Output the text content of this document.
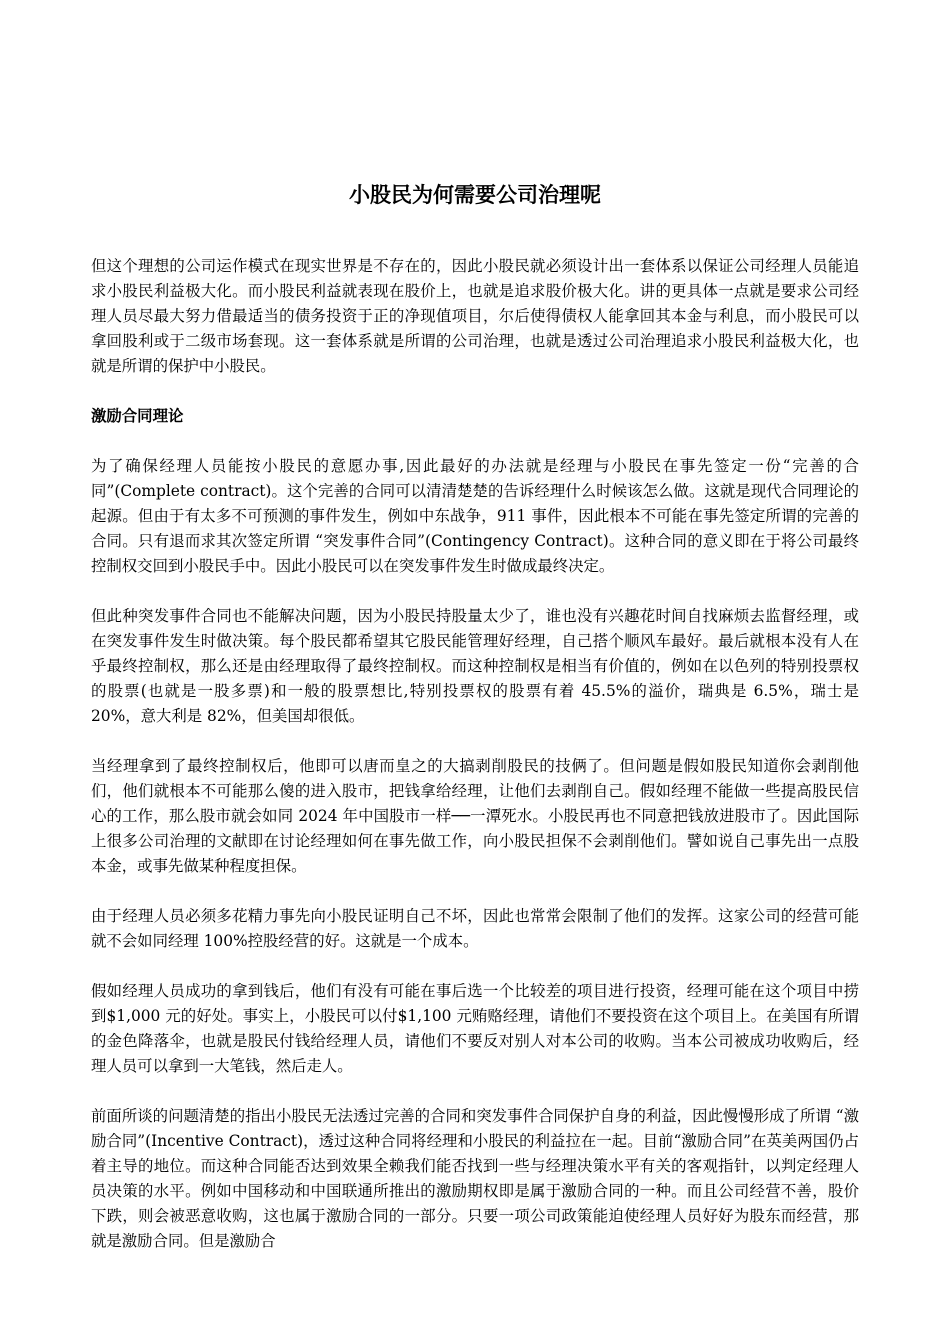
小股民为何需要公司治理呢

但这个理想的公司运作模式在现实世界是不存在的，因此小股民就必须设计出一套体系以保证公司经理人员能追求小股民利益极大化。而小股民利益就表现在股价上，也就是追求股价极大化。讲的更具体一点就是要求公司经理人员尽最大努力借最适当的债务投资于正的净现值项目，尔后使得债权人能拿回其本金与利息，而小股民可以拿回股利或于二级市场套现。这一套体系就是所谓的公司治理，也就是透过公司治理追求小股民利益极大化，也就是所谓的保护中小股民。

激励合同理论

为了确保经理人员能按小股民的意愿办事,因此最好的办法就是经理与小股民在事先签定一份“完善的合同”(Complete contract)。这个完善的合同可以清清楚楚的告诉经理什么时候该怎么做。这就是现代合同理论的起源。但由于有太多不可预测的事件发生，例如中东战争，911 事件，因此根本不可能在事先签定所谓的完善的合同。只有退而求其次签定所谓 “突发事件合同”(Contingency Contract)。这种合同的意义即在于将公司最终控制权交回到小股民手中。因此小股民可以在突发事件发生时做成最终决定。

但此种突发事件合同也不能解决问题，因为小股民持股量太少了，谁也没有兴趣花时间自找麻烦去监督经理，或在突发事件发生时做决策。每个股民都希望其它股民能管理好经理，自己搭个顺风车最好。最后就根本没有人在乎最终控制权，那么还是由经理取得了最终控制权。而这种控制权是相当有价值的，例如在以色列的特别投票权的股票(也就是一股多票)和一般的股票想比,特别投票权的股票有着 45.5%的溢价，瑞典是 6.5%，瑞士是 20%，意大利是 82%，但美国却很低。

当经理拿到了最终控制权后，他即可以唐而皇之的大搞剥削股民的技俩了。但问题是假如股民知道你会剥削他们，他们就根本不可能那么傻的进入股市，把钱拿给经理，让他们去剥削自己。假如经理不能做一些提高股民信心的工作，那么股市就会如同 2024 年中国股市一样──一潭死水。小股民再也不同意把钱放进股市了。因此国际上很多公司治理的文献即在讨论经理如何在事先做工作，向小股民担保不会剥削他们。譬如说自己事先出一点股本金，或事先做某种程度担保。

由于经理人员必须多花精力事先向小股民证明自己不坏，因此也常常会限制了他们的发挥。这家公司的经营可能就不会如同经理 100%控股经营的好。这就是一个成本。

假如经理人员成功的拿到钱后，他们有没有可能在事后选一个比较差的项目进行投资，经理可能在这个项目中捞到$1,000 元的好处。事实上，小股民可以付$1,100 元贿赂经理，请他们不要投资在这个项目上。在美国有所谓的金色降落伞，也就是股民付钱给经理人员，请他们不要反对别人对本公司的收购。当本公司被成功收购后，经理人员可以拿到一大笔钱，然后走人。

前面所谈的问题清楚的指出小股民无法透过完善的合同和突发事件合同保护自身的利益，因此慢慢形成了所谓 “激励合同”(Incentive Contract)，透过这种合同将经理和小股民的利益拉在一起。目前“激励合同”在英美两国仍占着主导的地位。而这种合同能否达到效果全赖我们能否找到一些与经理决策水平有关的客观指针，以判定经理人员决策的水平。例如中国移动和中国联通所推出的激励期权即是属于激励合同的一种。而且公司经营不善，股价下跌，则会被恶意收购，这也属于激励合同的一部分。只要一项公司政策能迫使经理人员好好为股东而经营，那就是激励合同。但是激励合
